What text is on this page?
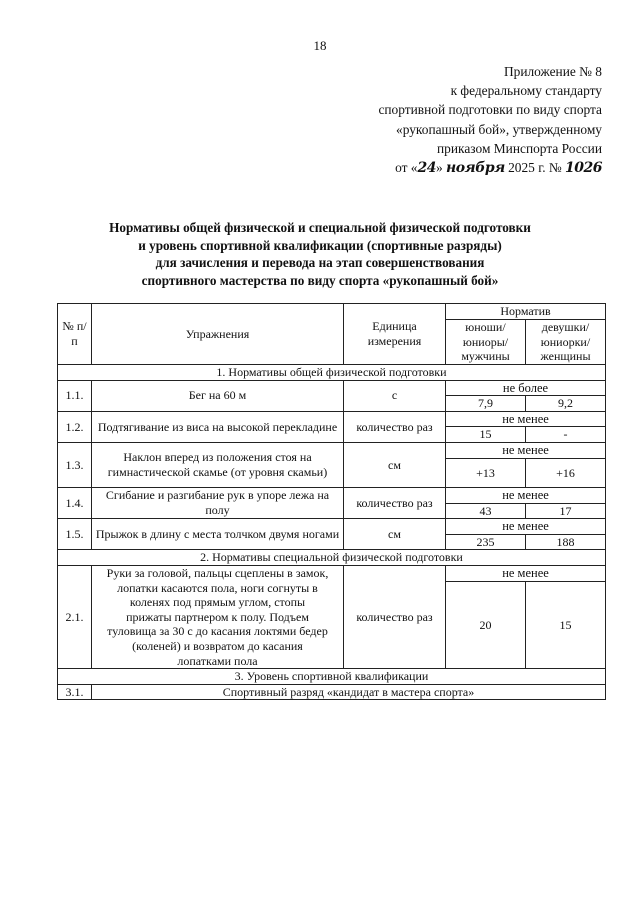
18
Приложение № 8
к федеральному стандарту
спортивной подготовки по виду спорта
«рукопашный бой», утвержденному
приказом Минспорта России
от «24» ноября 2025 г. № 1026
Нормативы общей физической и специальной физической подготовки
и уровень спортивной квалификации (спортивные разряды)
для зачисления и перевода на этап совершенствования
спортивного мастерства по виду спорта «рукопашный бой»
№ п/п	Упражнения	Единица измерения	Норматив	
			юноши/ юниоры/ мужчины	девушки/ юниорки/ женщины
1. Нормативы общей физической подготовки				
1.1.	Бег на 60 м	с	не более	
			7,9	9,2
1.2.	Подтягивание из виса на высокой перекладине	количество раз	не менее	
			15	-
1.3.	Наклон вперед из положения стоя на гимнастической скамье (от уровня скамьи)	см	не менее	
			+13	+16
1.4.	Сгибание и разгибание рук в упоре лежа на полу	количество раз	не менее	
			43	17
1.5.	Прыжок в длину с места толчком двумя ногами	см	не менее	
			235	188
2. Нормативы специальной физической подготовки				
2.1.	Руки за головой, пальцы сцеплены в замок, лопатки касаются пола, ноги согнуты в коленях под прямым углом, стопы прижаты партнером к полу. Подъем туловища за 30 с до касания локтями бедер (коленей) и возвратом до касания лопатками пола	количество раз	не менее	
			20	15
3. Уровень спортивной квалификации				
3.1.	Спортивный разряд «кандидат в мастера спорта»			
